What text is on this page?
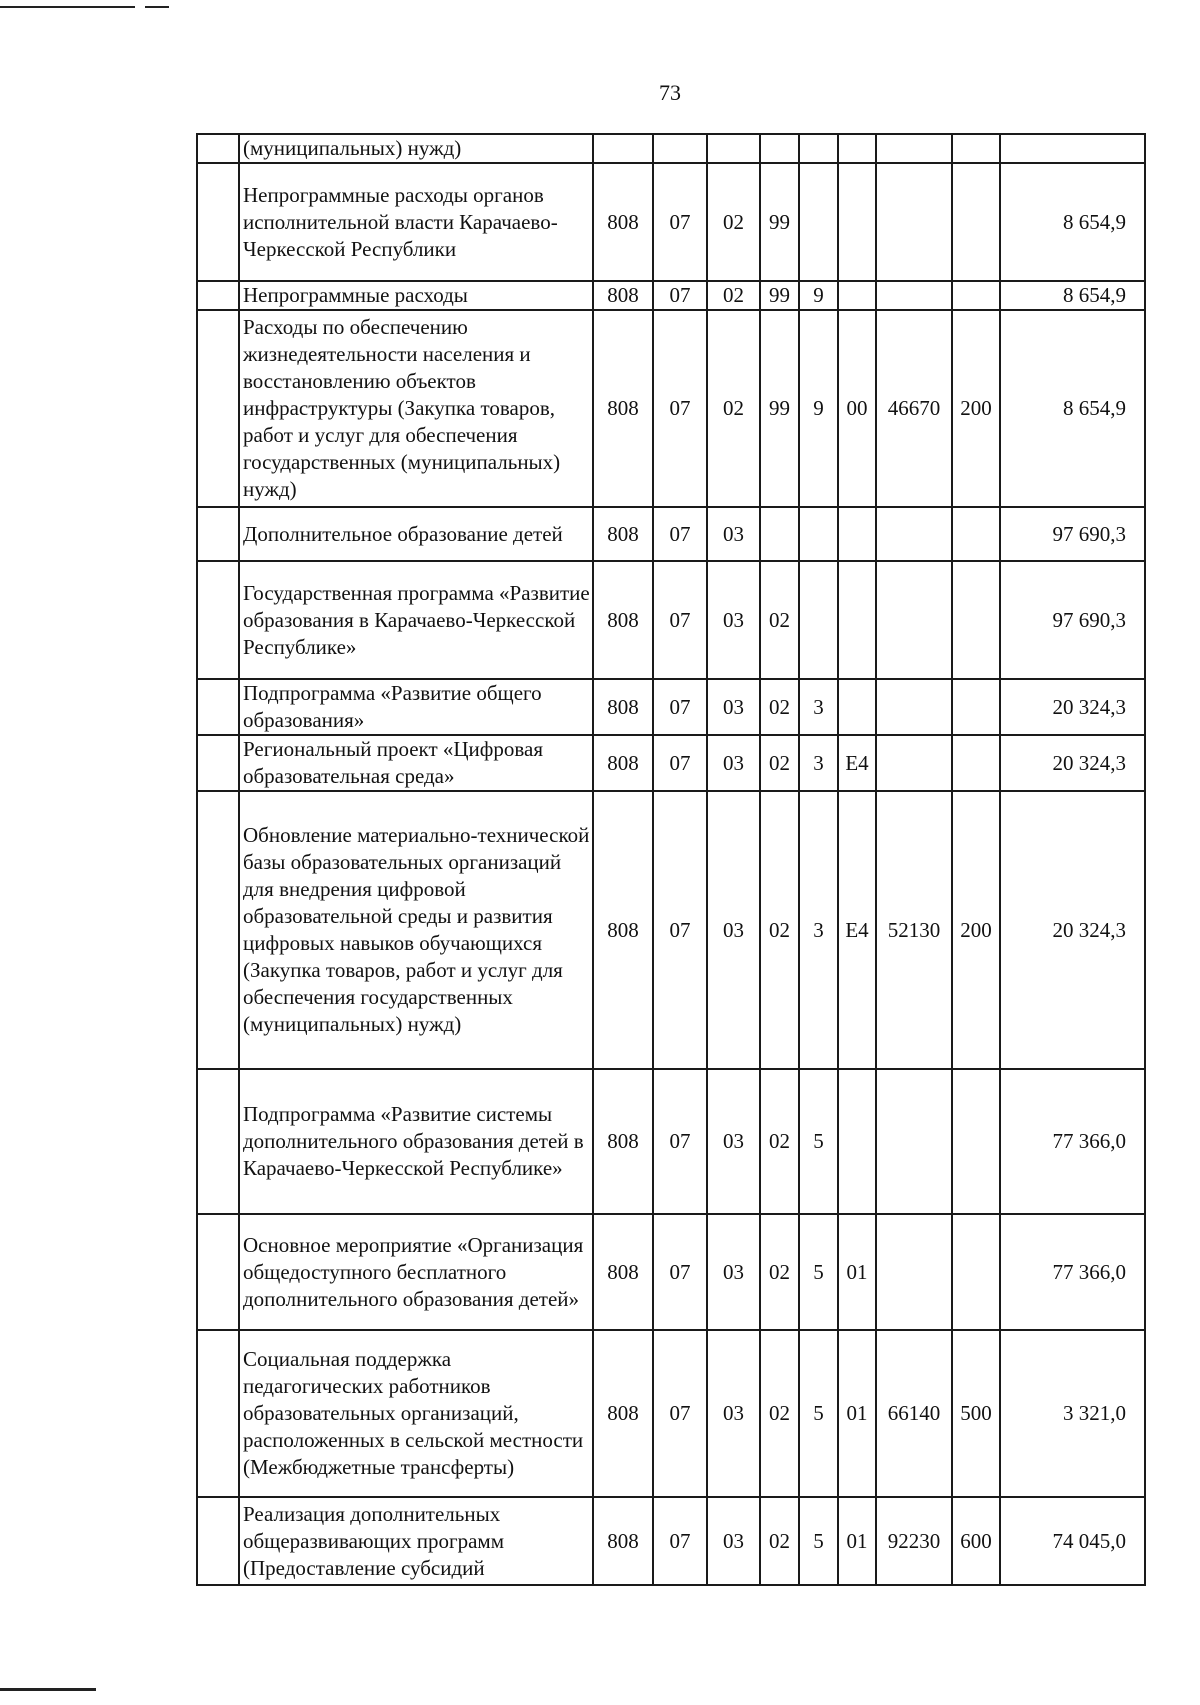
73
	(муниципальных) нужд)									
	Непрограммные расходы органов исполнительной власти Карачаево-Черкесской Республики	808	07	02	99					8 654,9
	Непрограммные расходы	808	07	02	99	9				8 654,9
	Расходы по обеспечению жизнедеятельности населения и восстановлению объектов инфраструктуры (Закупка товаров, работ и услуг для обеспечения государственных (муниципальных) нужд)	808	07	02	99	9	00	46670	200	8 654,9
	Дополнительное образование детей	808	07	03						97 690,3
	Государственная программа «Развитие образования в Карачаево-Черкесской Республике»	808	07	03	02					97 690,3
	Подпрограмма «Развитие общего образования»	808	07	03	02	3				20 324,3
	Региональный проект «Цифровая образовательная среда»	808	07	03	02	3	E4			20 324,3
	Обновление материально-технической базы образовательных организаций для внедрения цифровой образовательной среды и развития цифровых навыков обучающихся (Закупка товаров, работ и услуг для обеспечения государственных (муниципальных) нужд)	808	07	03	02	3	E4	52130	200	20 324,3
	Подпрограмма «Развитие системы дополнительного образования детей в Карачаево-Черкесской Республике»	808	07	03	02	5				77 366,0
	Основное мероприятие «Организация общедоступного бесплатного дополнительного образования детей»	808	07	03	02	5	01			77 366,0
	Социальная поддержка педагогических работников образовательных организаций, расположенных в сельской местности (Межбюджетные трансферты)	808	07	03	02	5	01	66140	500	3 321,0
	Реализация дополнительных общеразвивающих программ (Предоставление субсидий	808	07	03	02	5	01	92230	600	74 045,0
